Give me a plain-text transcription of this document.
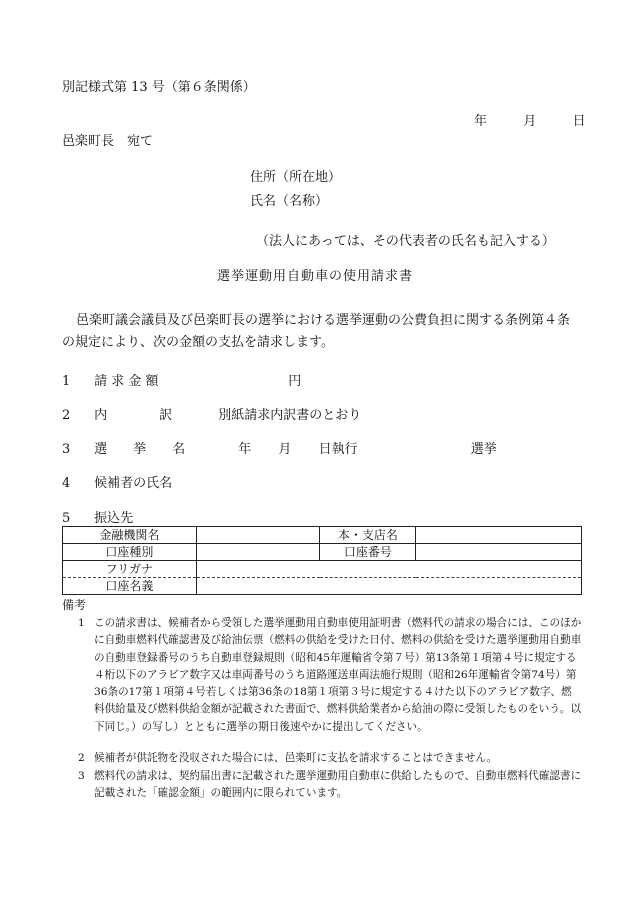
別記様式第 13 号（第６条関係）
年	月	日
邑楽町長　宛て
住所（所在地）
氏名（名称）
（法人にあっては、その代表者の氏名も記入する）
選挙運動用自動車の使用請求書
邑楽町議会議員及び邑楽町長の選挙における選挙運動の公費負担に関する条例第４条の規定により、次の金額の支払を請求します。
1 請 求 金 額	円
2 内　　　　訳	別紙請求内訳書のとおり
3 選　　挙　　名	年 月 日執行	選挙
4 候補者の氏名
5 振込先
金融機関名		本・支店名	
口座種別		口座番号	
フリガナ			
口座名義			
備考
1 この請求書は、候補者から受領した選挙運動用自動車使用証明書（燃料代の請求の場合には、このほかに自動車燃料代確認書及び給油伝票（燃料の供給を受けた日付、燃料の供給を受けた選挙運動用自動車の自動車登録番号のうち自動車登録規則（昭和45年運輸省令第７号）第13条第１項第４号に規定する４桁以下のアラビア数字又は車両番号のうち道路運送車両法施行規則（昭和26年運輸省令第74号）第36条の17第１項第４号若しくは第36条の18第１項第３号に規定する４けた以下のアラビア数字、燃料供給量及び燃料供給金額が記載された書面で、燃料供給業者から給油の際に受領したものをいう。以下同じ。）の写し）とともに選挙の期日後速やかに提出してください。
2 候補者が供託物を没収された場合には、邑楽町に支払を請求することはできません。
3 燃料代の請求は、契約届出書に記載された選挙運動用自動車に供給したもので、自動車燃料代確認書に記載された「確認金額」の範囲内に限られています。
